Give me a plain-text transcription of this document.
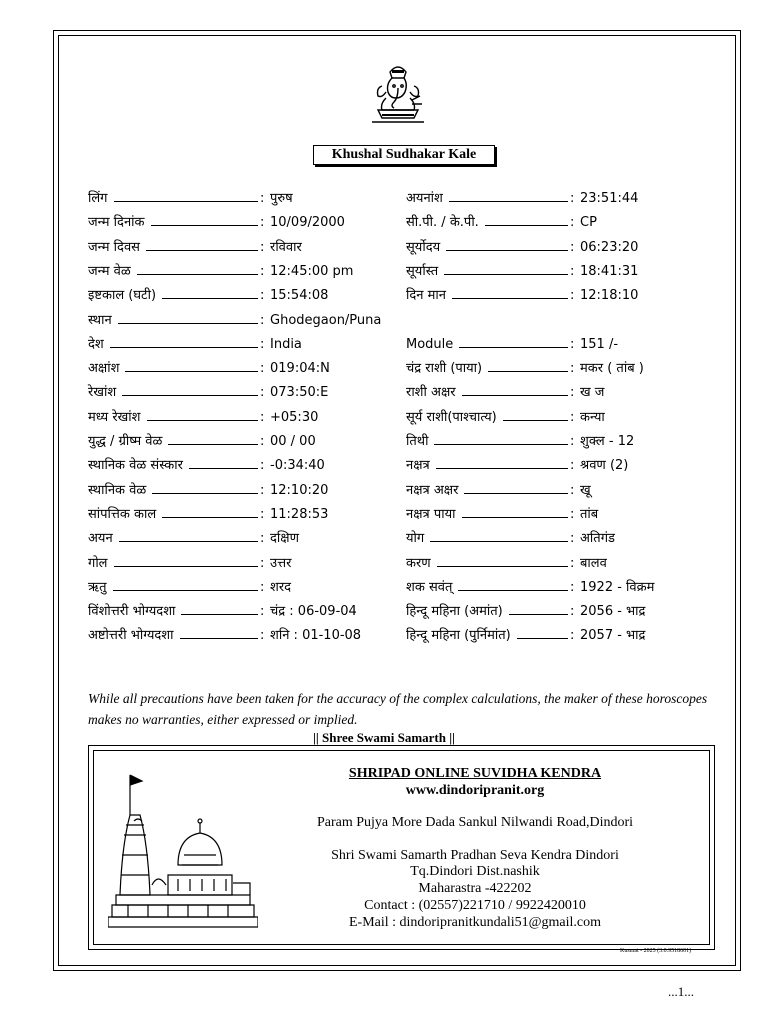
Khushal Sudhakar Kale
लिंग	: पुरुष
जन्म दिनांक	: 10/09/2000
जन्म दिवस	: रविवार
जन्म वेळ	: 12:45:00 pm
इष्टकाल (घटी)	: 15:54:08
स्थान	: Ghodegaon/Puna
देश	: India
अक्षांश	: 019:04:N
रेखांश	: 073:50:E
मध्य रेखांश	: +05:30
युद्ध / ग्रीष्म वेळ	: 00 / 00
स्थानिक वेळ संस्कार	: -0:34:40
स्थानिक वेळ	: 12:10:20
सांपत्तिक काल	: 11:28:53
अयन	: दक्षिण
गोल	: उत्तर
ऋतु	: शरद
विंशोत्तरी भोग्यदशा	: चंद्र : 06-09-04
अष्टोत्तरी भोग्यदशा	: शनि : 01-10-08
अयनांश	: 23:51:44
सी.पी. / के.पी.	: CP
सूर्योदय	: 06:23:20
सूर्यास्त	: 18:41:31
दिन मान	: 12:18:10
Module	: 151 /-
चंद्र राशी (पाया)	: मकर ( तांब )
राशी अक्षर	: ख ज
सूर्य राशी(पाश्चात्य)	: कन्या
तिथी	: शुक्ल - 12
नक्षत्र	: श्रवण (2)
नक्षत्र अक्षर	: खू
नक्षत्र पाया	: तांब
योग	: अतिगंड
करण	: बालव
शक सवंत्	: 1922 - विक्रम
हिन्दू महिना (अमांत)	: 2056 - भाद्र
हिन्दू महिना (पुर्निमांत)	: 2057 - भाद्र
While all precautions have been taken for the accuracy of the complex calculations, the maker of these horoscopes makes no warranties, either expressed or implied.
|| Shree Swami Samarth ||
SHRIPAD ONLINE SUVIDHA KENDRA
www.dindoripranit.org
Param Pujya More Dada Sankul Nilwandi Road,Dindori
Shri Swami Samarth Pradhan Seva Kendra Dindori
Tq.Dindori Dist.nashik
Maharastra -422202
Contact : (02557)221710 / 9922420010
E-Mail : dindoripranitkundali51@gmail.com
Kusmat - 2025 (3.0.9518601)
...1...
